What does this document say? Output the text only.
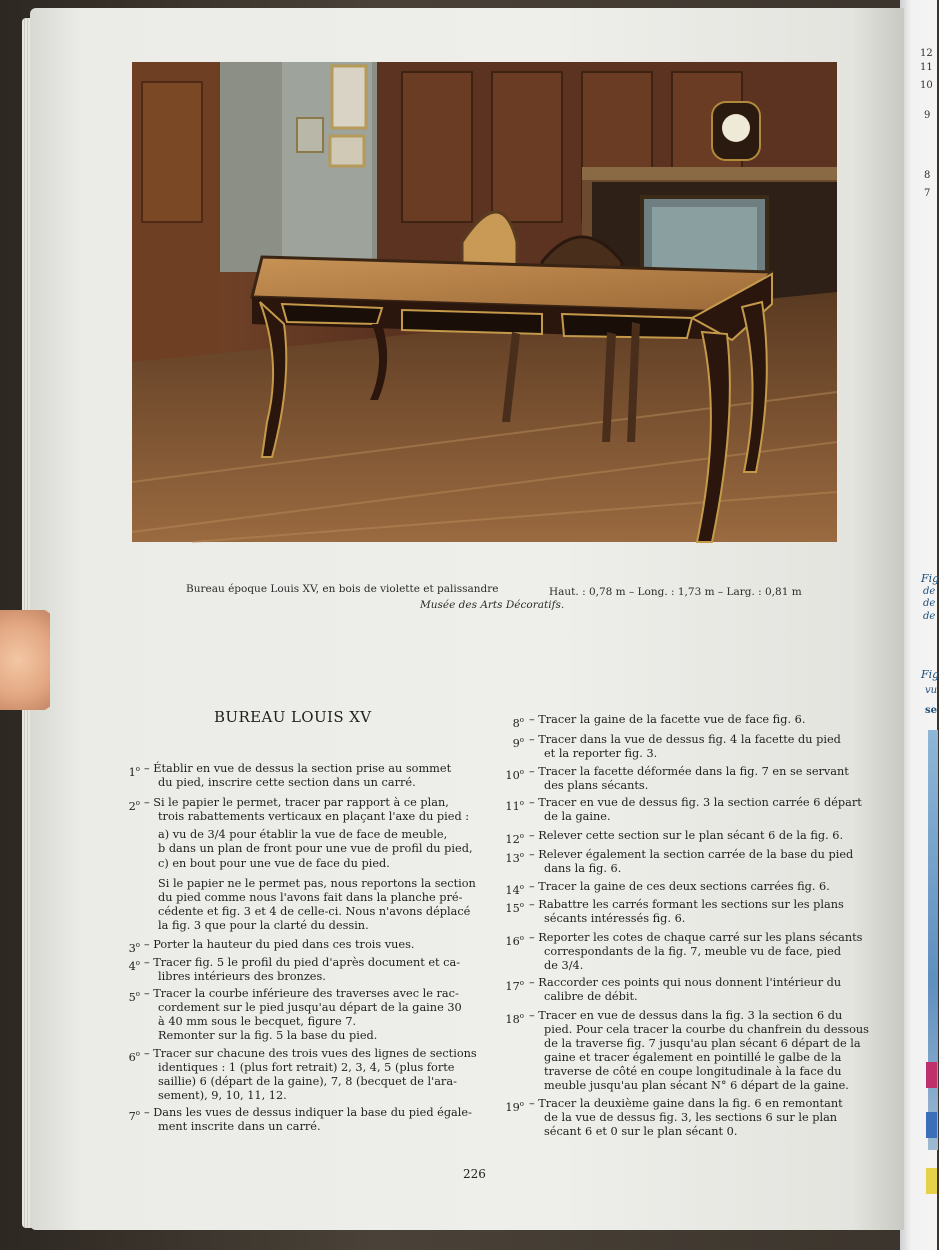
12
11
10
9
8
7
Fig
de
de
de
Fig
vu
se
Bureau époque Louis XV, en bois de violette et palissandre	Haut. : 0,78 m – Long. : 1,73 m – Larg. : 0,81 m
Musée des Arts Décoratifs.
BUREAU LOUIS XV
1$^o$ – Établir en vue de dessus la section prise au sommet
du pied, inscrire cette section dans un carré.
2$^o$ – Si le papier le permet, tracer par rapport à ce plan,
trois rabattements verticaux en plaçant l'axe du pied :
a) vu de 3/4 pour établir la vue de face de meuble,
b dans un plan de front pour une vue de profil du pied,
c) en bout pour une vue de face du pied.
Si le papier ne le permet pas, nous reportons la section
du pied comme nous l'avons fait dans la planche pré-
cédente et fig. 3 et 4 de celle-ci. Nous n'avons déplacé
la fig. 3 que pour la clarté du dessin.
3$^o$ – Porter la hauteur du pied dans ces trois vues.
4$^o$ – Tracer fig. 5 le profil du pied d'après document et ca-
libres intérieurs des bronzes.
5$^o$ – Tracer la courbe inférieure des traverses avec le rac-
cordement sur le pied jusqu'au départ de la gaine 30
à 40 mm sous le becquet, figure 7.
Remonter sur la fig. 5 la base du pied.
6$^o$ – Tracer sur chacune des trois vues des lignes de sections
identiques : 1 (plus fort retrait) 2, 3, 4, 5 (plus forte
saillie) 6 (départ de la gaine), 7, 8 (becquet de l'ara-
sement), 9, 10, 11, 12.
7$^o$ – Dans les vues de dessus indiquer la base du pied égale-
ment inscrite dans un carré.
8$^o$ – Tracer la gaine de la facette vue de face fig. 6.
9$^o$ – Tracer dans la vue de dessus fig. 4 la facette du pied
et la reporter fig. 3.
10$^o$ – Tracer la facette déformée dans la fig. 7 en se servant
des plans sécants.
11$^o$ – Tracer en vue de dessus fig. 3 la section carrée 6 départ
de la gaine.
12$^o$ – Relever cette section sur le plan sécant 6 de la fig. 6.
13$^o$ – Relever également la section carrée de la base du pied
dans la fig. 6.
14$^o$ – Tracer la gaine de ces deux sections carrées fig. 6.
15$^o$ – Rabattre les carrés formant les sections sur les plans
sécants intéressés fig. 6.
16$^o$ – Reporter les cotes de chaque carré sur les plans sécants
correspondants de la fig. 7, meuble vu de face, pied
de 3/4.
17$^o$ – Raccorder ces points qui nous donnent l'intérieur du
calibre de débit.
18$^o$ – Tracer en vue de dessus dans la fig. 3 la section 6 du
pied. Pour cela tracer la courbe du chanfrein du dessous
de la traverse fig. 7 jusqu'au plan sécant 6 départ de la
gaine et tracer également en pointillé le galbe de la
traverse de côté en coupe longitudinale à la face du
meuble jusqu'au plan sécant N° 6 départ de la gaine.
19$^o$ – Tracer la deuxième gaine dans la fig. 6 en remontant
de la vue de dessus fig. 3, les sections 6 sur le plan
sécant 6 et 0 sur le plan sécant 0.
226
